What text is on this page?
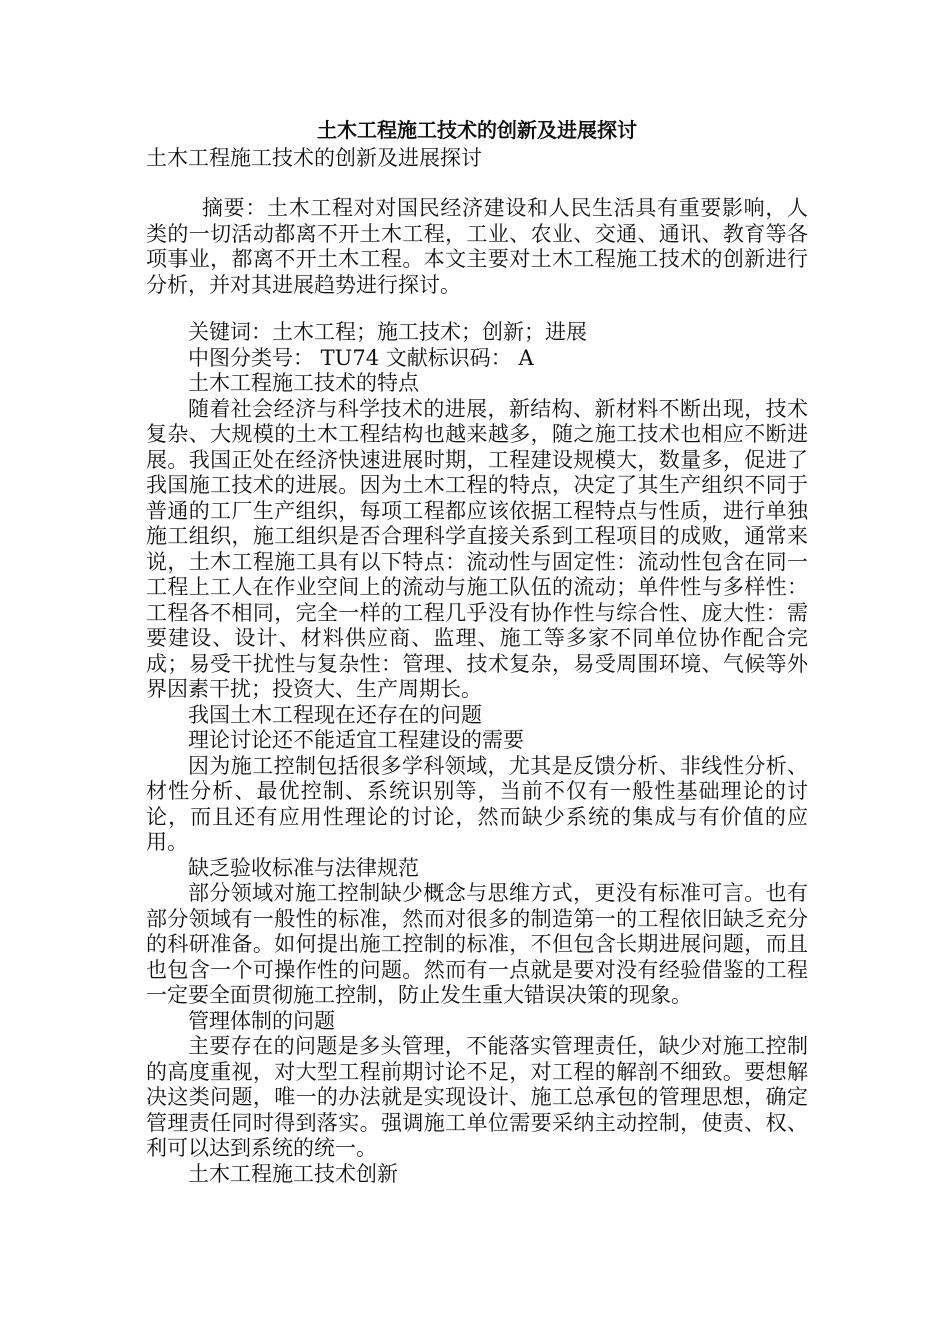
土木工程施工技术的创新及进展探讨

土木工程施工技术的创新及进展探讨

摘要：土木工程对对国民经济建设和人民生活具有重要影响，人类的一切活动都离不开土木工程，工业、农业、交通、通讯、教育等各项事业，都离不开土木工程。本文主要对土木工程施工技术的创新进行分析，并对其进展趋势进行探讨。

关键词：土木工程；施工技术；创新；进展

中图分类号： TU74 文献标识码： A

土木工程施工技术的特点

随着社会经济与科学技术的进展，新结构、新材料不断出现，技术复杂、大规模的土木工程结构也越来越多，随之施工技术也相应不断进展。我国正处在经济快速进展时期，工程建设规模大，数量多，促进了我国施工技术的进展。因为土木工程的特点，决定了其生产组织不同于普通的工厂生产组织，每项工程都应该依据工程特点与性质，进行单独施工组织，施工组织是否合理科学直接关系到工程项目的成败，通常来说，土木工程施工具有以下特点：流动性与固定性：流动性包含在同一工程上工人在作业空间上的流动与施工队伍的流动；单件性与多样性：工程各不相同，完全一样的工程几乎没有协作性与综合性、庞大性：需要建设、设计、材料供应商、监理、施工等多家不同单位协作配合完成；易受干扰性与复杂性：管理、技术复杂，易受周围环境、气候等外界因素干扰；投资大、生产周期长。

我国土木工程现在还存在的问题

理论讨论还不能适宜工程建设的需要

因为施工控制包括很多学科领域，尤其是反馈分析、非线性分析、材性分析、最优控制、系统识别等，当前不仅有一般性基础理论的讨论，而且还有应用性理论的讨论，然而缺少系统的集成与有价值的应用。

缺乏验收标准与法律规范

部分领域对施工控制缺少概念与思维方式，更没有标准可言。也有部分领域有一般性的标准，然而对很多的制造第一的工程依旧缺乏充分的科研准备。如何提出施工控制的标准，不但包含长期进展问题，而且也包含一个可操作性的问题。然而有一点就是要对没有经验借鉴的工程一定要全面贯彻施工控制，防止发生重大错误决策的现象。

管理体制的问题

主要存在的问题是多头管理，不能落实管理责任，缺少对施工控制的高度重视，对大型工程前期讨论不足，对工程的解剖不细致。要想解决这类问题，唯一的办法就是实现设计、施工总承包的管理思想，确定管理责任同时得到落实。强调施工单位需要采纳主动控制，使责、权、利可以达到系统的统一。

土木工程施工技术创新
